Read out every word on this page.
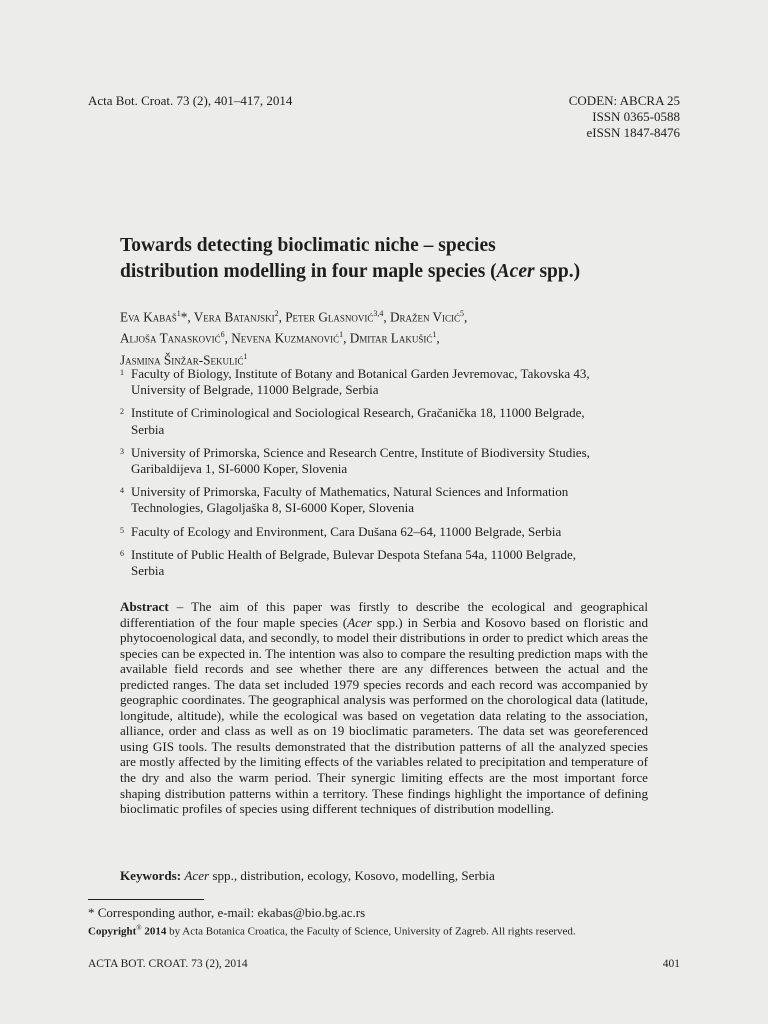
Acta Bot. Croat. 73 (2), 401–417, 2014	CODEN: ABCRA 25
ISSN 0365-0588
eISSN 1847-8476
Towards detecting bioclimatic niche – species
distribution modelling in four maple species (Acer spp.)
Eva Kabaš$^1$*, Vera Batanjski$^2$, Peter Glasnović$^{3,4}$, Dražen Vicić$^5$,
Aljoša Tanasković$^6$, Nevena Kuzmanović$^1$, Dmitar Lakušić$^1$,
Jasmina Šinžar-Sekulić$^1$
1 Faculty of Biology, Institute of Botany and Botanical Garden Jevremovac, Takovska 43,
University of Belgrade, 11000 Belgrade, Serbia
2 Institute of Criminological and Sociological Research, Gračanička 18, 11000 Belgrade,
Serbia
3 University of Primorska, Science and Research Centre, Institute of Biodiversity Studies,
Garibaldijeva 1, SI-6000 Koper, Slovenia
4 University of Primorska, Faculty of Mathematics, Natural Sciences and Information
Technologies, Glagoljaška 8, SI-6000 Koper, Slovenia
5 Faculty of Ecology and Environment, Cara Dušana 62–64, 11000 Belgrade, Serbia
6 Institute of Public Health of Belgrade, Bulevar Despota Stefana 54a, 11000 Belgrade,
Serbia
Abstract – The aim of this paper was firstly to describe the ecological and geographical differentiation of the four maple species (Acer spp.) in Serbia and Kosovo based on floristic and phytocoenological data, and secondly, to model their distributions in order to predict which areas the species can be expected in. The intention was also to compare the resulting prediction maps with the available field records and see whether there are any differences between the actual and the predicted ranges. The data set included 1979 species records and each record was accompanied by geographic coordinates. The geographical analysis was performed on the chorological data (latitude, longitude, altitude), while the ecological was based on vegetation data relating to the association, alliance, order and class as well as on 19 bioclimatic parameters. The data set was georeferenced using GIS tools. The results demonstrated that the distribution patterns of all the analyzed species are mostly affected by the limiting effects of the variables related to precipitation and temperature of the dry and also the warm period. Their synergic limiting effects are the most important force shaping distribution patterns within a territory. These findings highlight the importance of defining bioclimatic profiles of species using different techniques of distribution modelling.
Keywords: Acer spp., distribution, ecology, Kosovo, modelling, Serbia
* Corresponding author, e-mail: ekabas@bio.bg.ac.rs
Copyright® 2014 by Acta Botanica Croatica, the Faculty of Science, University of Zagreb. All rights reserved.
ACTA BOT. CROAT. 73 (2), 2014	401
